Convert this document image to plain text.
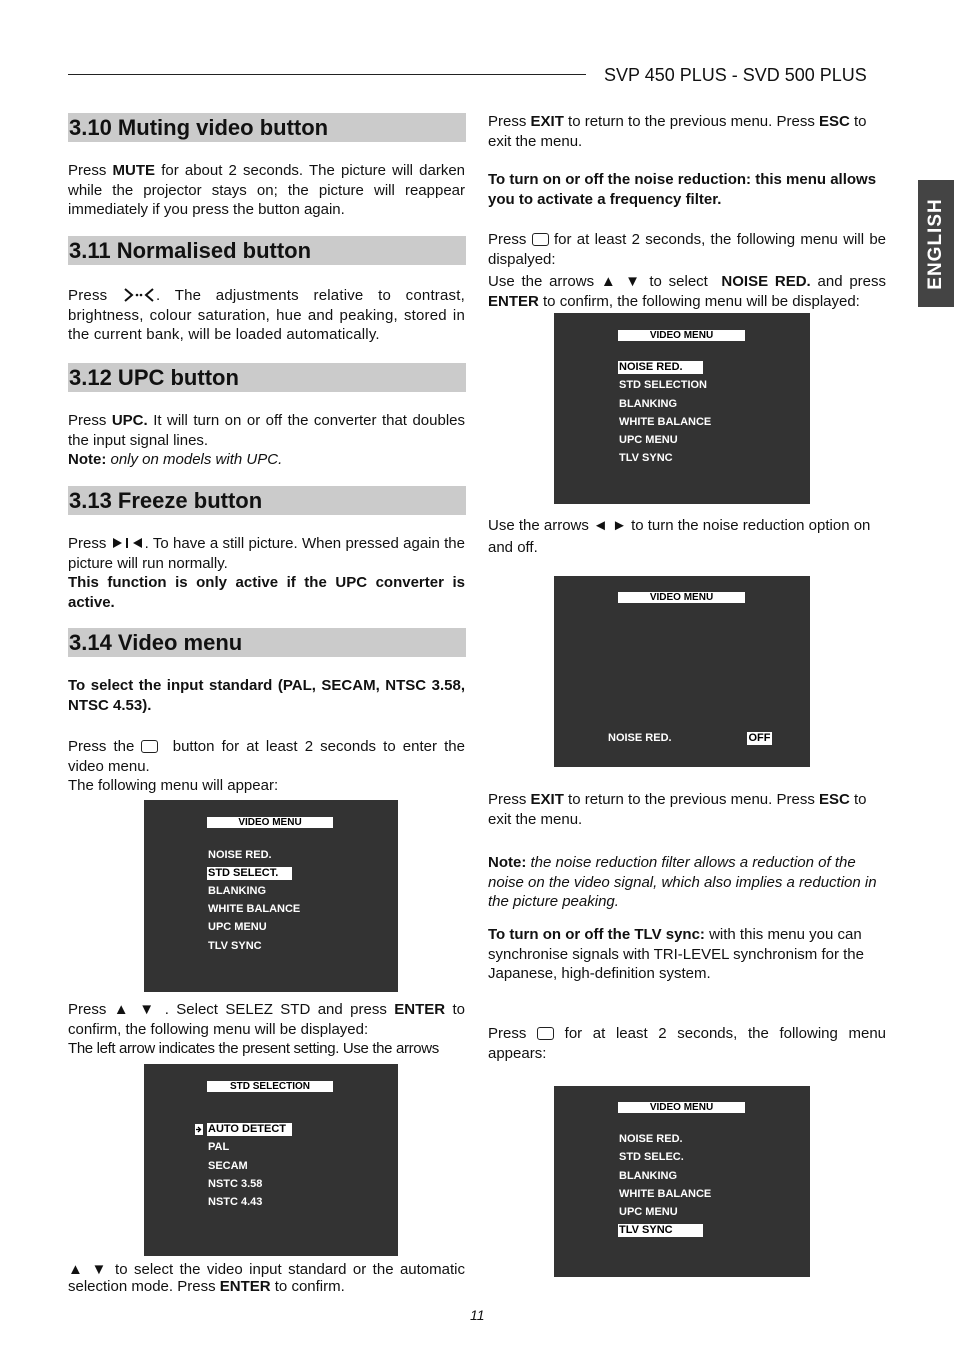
SVP 450 PLUS - SVD 500 PLUS
ENGLISH
3.10 Muting video button
Press MUTE for about 2 seconds. The picture will darken while the projector stays on; the picture will reappear immediately if you press the button again.
3.11 Normalised button
Press	. The adjustments relative to contrast, brightness, colour saturation, hue and peaking, stored in the current bank, will be loaded automatically.
3.12 UPC button
Press UPC. It will turn on or off the converter that doubles the input signal lines.
Note: only on models with UPC.
3.13 Freeze button
Press	. To have a still picture. When pressed again the picture will run normally.
This function is only active if the UPC converter is active.
3.14 Video menu
To select the input standard (PAL, SECAM, NTSC 3.58, NTSC 4.53).
Press the	button for at least 2 seconds to enter the video menu.
The following menu will appear:
VIDEO MENU
NOISE RED.
STD SELECT.
BLANKING
WHITE BALANCE
UPC MENU
TLV SYNC
Press ▲ ▼ . Select SELEZ STD and press ENTER to confirm, the following menu will be displayed:
The left arrow indicates the present setting. Use the arrows
STD SELECTION
AUTO DETECT
PAL
SECAM
NSTC 3.58
NSTC 4.43
▲ ▼ to select the video input standard or the automatic selection mode. Press ENTER to confirm.
Press EXIT to return to the previous menu. Press ESC to exit the menu.
To turn on or off the noise reduction: this menu allows you to activate a frequency filter.
Press for at least 2 seconds, the following menu will be dispalyed:
Use the arrows ▲ ▼ to select NOISE RED. and press ENTER to confirm, the following menu will be displayed:
VIDEO MENU
NOISE RED.
STD SELECTION
BLANKING
WHITE BALANCE
UPC MENU
TLV SYNC
Use the arrows ◄ ► to turn the noise reduction option on and off.
VIDEO MENU
NOISE RED.	OFF
Press EXIT to return to the previous menu. Press ESC to exit the menu.
Note: the noise reduction filter allows a reduction of the noise on the video signal, which also implies a reduction in the picture peaking.
To turn on or off the TLV sync: with this menu you can synchronise signals with TRI-LEVEL synchronism for the Japanese, high-definition system.
Press	for at least 2 seconds, the following menu appears:
VIDEO MENU
NOISE RED.
STD SELEC.
BLANKING
WHITE BALANCE
UPC MENU
TLV SYNC
11
